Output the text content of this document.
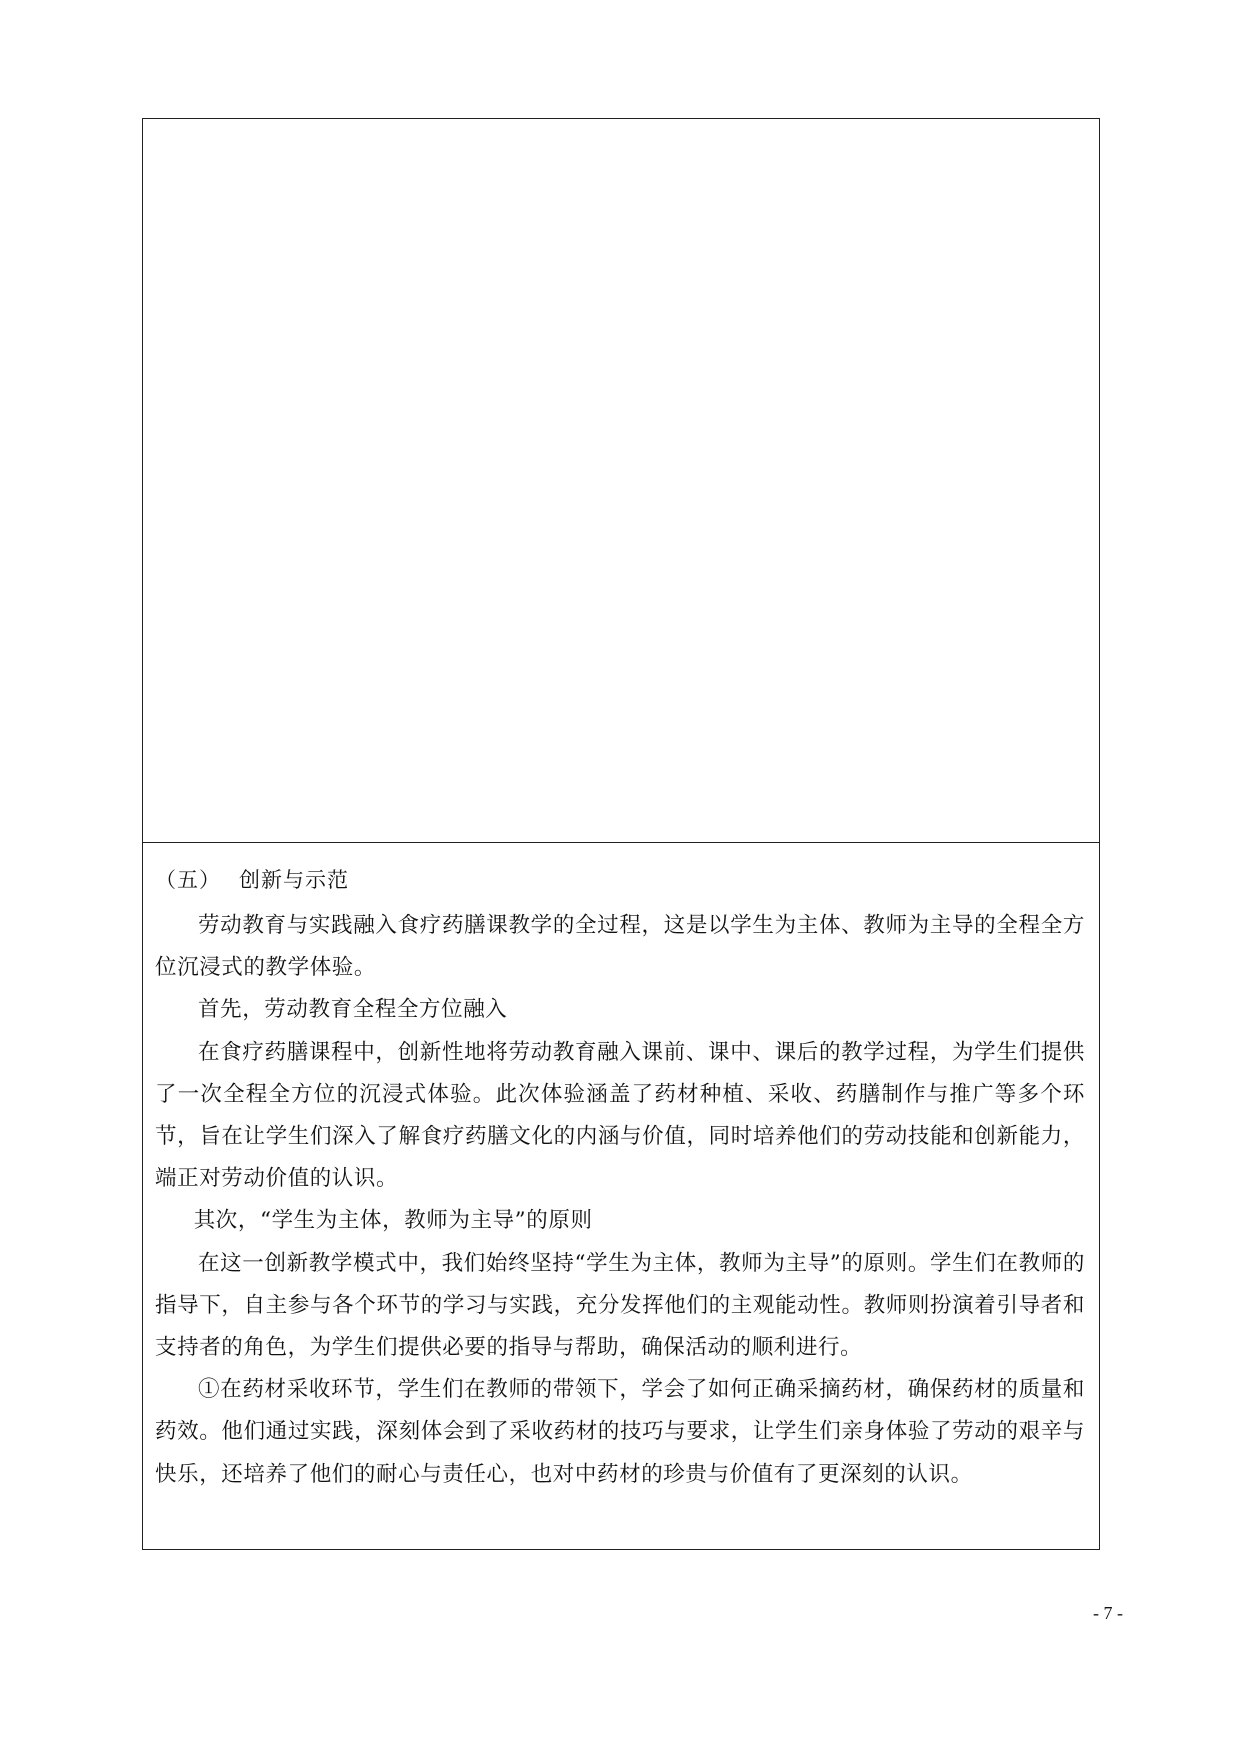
（五） 创新与示范

劳动教育与实践融入食疗药膳课教学的全过程，这是以学生为主体、教师为主导的全程全方位沉浸式的教学体验。

首先，劳动教育全程全方位融入

在食疗药膳课程中，创新性地将劳动教育融入课前、课中、课后的教学过程，为学生们提供了一次全程全方位的沉浸式体验。此次体验涵盖了药材种植、采收、药膳制作与推广等多个环节，旨在让学生们深入了解食疗药膳文化的内涵与价值，同时培养他们的劳动技能和创新能力，端正对劳动价值的认识。

其次，“学生为主体，教师为主导”的原则

在这一创新教学模式中，我们始终坚持“学生为主体，教师为主导”的原则。学生们在教师的指导下，自主参与各个环节的学习与实践，充分发挥他们的主观能动性。教师则扮演着引导者和支持者的角色，为学生们提供必要的指导与帮助，确保活动的顺利进行。

①在药材采收环节，学生们在教师的带领下，学会了如何正确采摘药材，确保药材的质量和药效。他们通过实践，深刻体会到了采收药材的技巧与要求，让学生们亲身体验了劳动的艰辛与快乐，还培养了他们的耐心与责任心，也对中药材的珍贵与价值有了更深刻的认识。

- 7 -
